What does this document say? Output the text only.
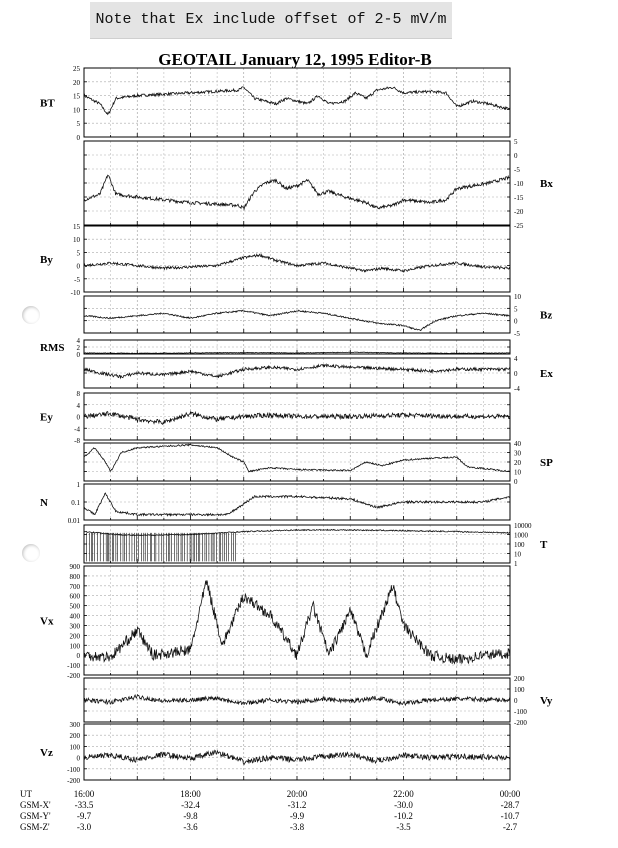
Note that Ex include offset of 2-5 mV/m
GEOTAIL January 12, 1995 Editor-B
25
20
15
10
5
0
BT
5
0
-5
-10
-15
-20
-25
Bx
15
10
5
0
-5
-10
By
10
5
0
-5
Bz
4
2
0
RMS
4
0
-4
Ex
8
4
0
-4
-8
Ey
40
30
20
10
0
SP
1
0.1
0.01
N
10000
1000
100
10
1
T
900
800
700
600
500
400
300
200
100
0
-100
-200
Vx
200
100
0
-100
-200
Vy
300
200
100
0
-100
-200
Vz
UT	16:00	18:00	20:00	22:00	00:00
GSM-X'	-33.5	-32.4	-31.2	-30.0	-28.7
GSM-Y'	-9.7	-9.8	-9.9	-10.2	-10.7
GSM-Z'	-3.0	-3.6	-3.8	-3.5	-2.7
